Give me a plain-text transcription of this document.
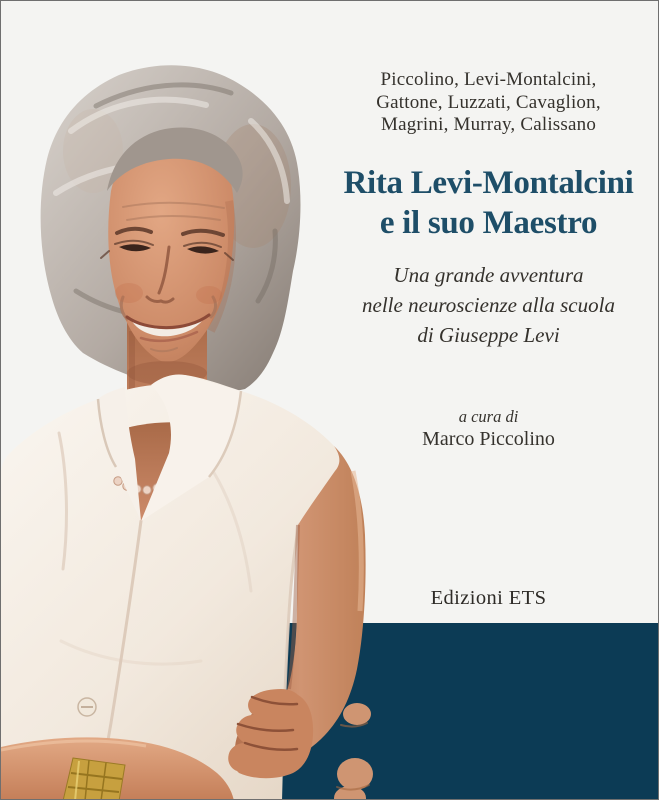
Piccolino, Levi-Montalcini,
Gattone, Luzzati, Cavaglion,
Magrini, Murray, Calissano
Rita Levi-Montalcini
e il suo Maestro
Una grande avventura
nelle neuroscienze alla scuola
di Giuseppe Levi
a cura di
Marco Piccolino
Edizioni ETS
